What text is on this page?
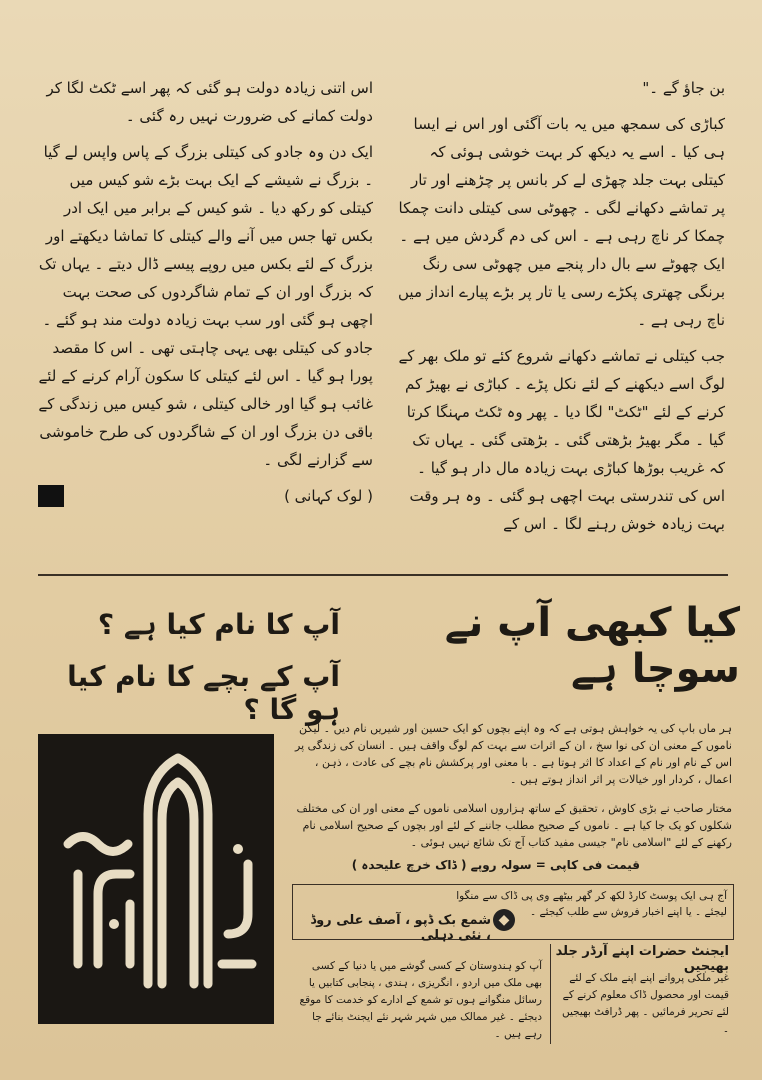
بن جاؤ گے ۔"

کباڑی کی سمجھ میں یہ بات آگئی اور اس نے ایسا ہی کیا ۔ اسے یہ دیکھ کر بہت خوشی ہوئی کہ کیتلی بہت جلد چھڑی لے کر بانس پر چڑھنے اور تار پر تماشے دکھانے لگی ۔ چھوٹی سی کیتلی دانت چمکا چمکا کر ناچ رہی ہے ۔ اس کی دم گردش میں ہے ۔ ایک چھوٹے سے بال دار پنجے میں چھوٹی سی رنگ برنگی چھتری پکڑے رسی یا تار پر بڑے پیارے انداز میں ناچ رہی ہے ۔

جب کیتلی نے تماشے دکھانے شروع کئے تو ملک بھر کے لوگ اسے دیکھنے کے لئے نکل پڑے ۔ کباڑی نے بھیڑ کم کرنے کے لئے "ٹکٹ" لگا دیا ۔ پھر وہ ٹکٹ مہنگا کرتا گیا ۔ مگر بھیڑ بڑھتی گئی ۔ بڑھتی گئی ۔ یہاں تک کہ غریب بوڑھا کباڑی بہت زیادہ مال دار ہو گیا ۔ اس کی تندرستی بہت اچھی ہو گئی ۔ وہ ہر وقت بہت زیادہ خوش رہنے لگا ۔ اس کے

اس اتنی زیادہ دولت ہو گئی کہ پھر اسے ٹکٹ لگا کر دولت کمانے کی ضرورت نہیں رہ گئی ۔

ایک دن وہ جادو کی کیتلی بزرگ کے پاس واپس لے گیا ۔ بزرگ نے شیشے کے ایک بہت بڑے شو کیس میں کیتلی کو رکھ دیا ۔ شو کیس کے برابر میں ایک ادر بکس تھا جس میں آنے والے کیتلی کا تماشا دیکھتے اور بزرگ کے لئے بکس میں روپے پیسے ڈال دیتے ۔ یہاں تک کہ بزرگ اور ان کے تمام شاگردوں کی صحت بہت اچھی ہو گئی اور سب بہت زیادہ دولت مند ہو گئے ۔ جادو کی کیتلی بھی یہی چاہتی تھی ۔ اس کا مقصد پورا ہو گیا ۔ اس لئے کیتلی کا سکون آرام کرنے کے لئے غائب ہو گیا اور خالی کیتلی ، شو کیس میں زندگی کے باقی دن بزرگ اور ان کے شاگردوں کی طرح خاموشی سے گزارنے لگی ۔

( لوک کہانی )
کیا کبھی آپ نے سوچا ہے
آپ کا نام کیا ہے ؟
آپ کے بچے کا نام کیا ہو گا ؟
ہر ماں باپ کی یہ خواہش ہوتی ہے کہ وہ اپنے بچوں کو ایک حسین اور شیریں نام دیں ۔ لیکن ناموں کے معنی ان کی نوا سخ ، ان کے اثرات سے بہت کم لوگ واقف ہیں ۔ انسان کی زندگی پر اس کے نام اور نام کے اعداد کا اثر ہوتا ہے ۔ با معنی اور پرکشش نام بچے کی عادت ، ذہن ، اعمال ، کردار اور خیالات پر اثر انداز ہوتے ہیں ۔
مختار صاحب نے بڑی کاوش ، تحقیق کے ساتھ ہزاروں اسلامی ناموں کے معنی اور ان کی مختلف شکلوں کو یک جا کیا ہے ۔ ناموں کے صحیح مطلب جاننے کے لئے اور بچوں کے صحیح اسلامی نام رکھنے کے لئے "اسلامی نام" جیسی مفید کتاب آج تک شائع نہیں ہوئی ۔
قیمت فی کاپی = سولہ روپے ( ڈاک خرچ علیحدہ )
آج ہی ایک پوسٹ کارڈ لکھ کر گھر بیٹھے وی پی ڈاک سے منگوا لیجئے ۔ یا اپنے اخبار فروش سے طلب کیجئے ۔
◆
شمع بک ڈپو ، آصف علی روڈ ، نئی دہلی
ایجنٹ حضرات اپنے آرڈر جلد بھیجیں
غیر ملکی پروانے اپنے اپنے ملک کے لئے قیمت اور محصول ڈاک معلوم کرنے کے لئے تحریر فرمائیں ۔ پھر ڈرافٹ بھیجیں ۔
آپ کو ہندوستان کے کسی گوشے میں یا دنیا کے کسی بھی ملک میں اردو ، انگریزی ، ہندی ، پنجابی کتابیں یا رسائل منگوانے ہوں تو شمع کے ادارے کو خدمت کا موقع دیجئے ۔ غیر ممالک میں شہر شہر نئے ایجنٹ بنائے جا رہے ہیں ۔
